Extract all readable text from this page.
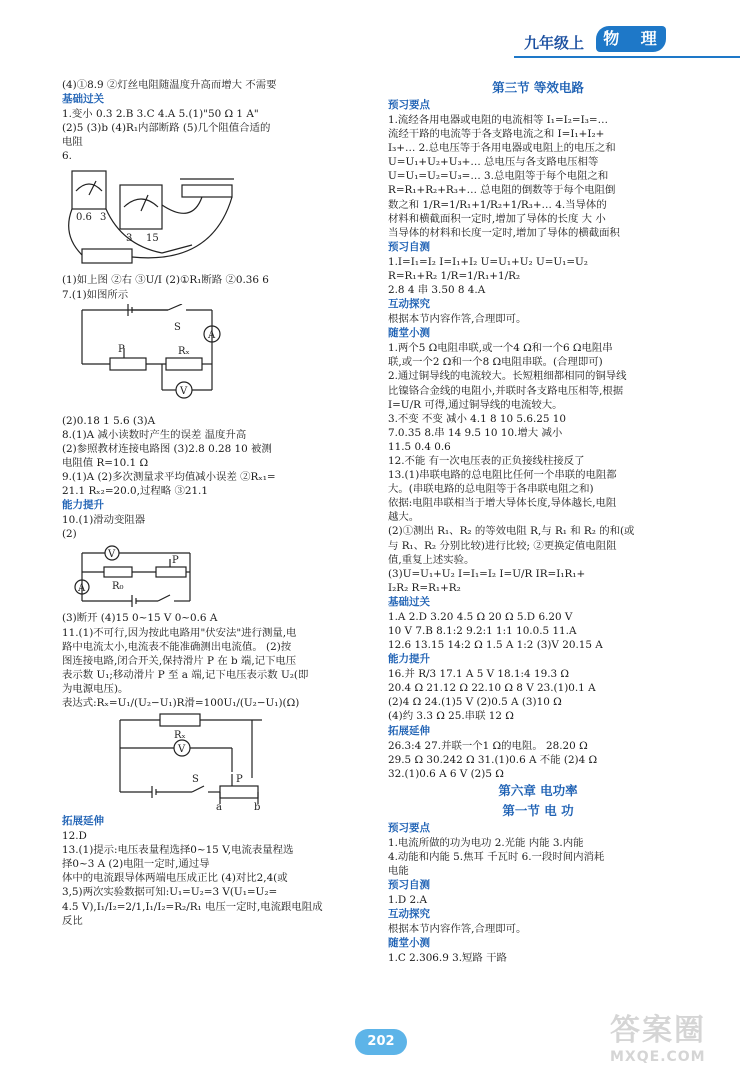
九年级上	物 理
(4)①8.9 ②灯丝电阻随温度升高而增大 不需要
基础过关
1.变小 0.3 2.B 3.C 4.A 5.(1)"50 Ω 1 A"
(2)5 (3)b (4)R₁内部断路 (5)几个阻值合适的
电阻
6.
0.6 3
3 15
(1)如上图 ②右 ③U/I (2)①R₁断路 ②0.36 6
7.(1)如图所示
S
A
P	Rₓ
V
(2)0.18 1 5.6 (3)A
8.(1)A 减小读数时产生的误差 温度升高
(2)参照教材连接电路图 (3)2.8 0.28 10 被测
电阻值 R=10.1 Ω
9.(1)A (2)多次测量求平均值减小误差 ②Rₓ₁=
21.1 Rₓ₂=20.0,过程略 ③21.1
能力提升
10.(1)滑动变阻器
(2)
V
R₀
P
A
(3)断开 (4)15 0~15 V 0~0.6 A
11.(1)不可行,因为按此电路用"伏安法"进行测量,电
路中电流太小,电流表不能准确测出电流值。 (2)按
图连接电路,闭合开关,保持滑片 P 在 b 端,记下电压
表示数 U₁;移动滑片 P 至 a 端,记下电压表示数 U₂(即
为电源电压)。
表达式:Rₓ=U₁/(U₂−U₁)R滑=100U₁/(U₂−U₁)(Ω)
Rₓ
V
S	P
a	b
拓展延伸
12.D
13.(1)提示:电压表量程选择0~15 V,电流表量程选
择0~3 A (2)电阻一定时,通过导
体中的电流跟导体两端电压成正比 (4)对比2,4(或
3,5)两次实验数据可知:U₁=U₂=3 V(U₁=U₂=
4.5 V),I₁/I₂=2/1,I₁/I₂=R₂/R₁ 电压一定时,电流跟电阻成
反比
第三节 等效电路
预习要点
1.流经各用电器或电阻的电流相等 I₁=I₂=I₃=…
流经干路的电流等于各支路电流之和 I=I₁+I₂+
I₃+… 2.总电压等于各用电器或电阻上的电压之和
U=U₁+U₂+U₃+… 总电压与各支路电压相等
U=U₁=U₂=U₃=… 3.总电阻等于每个电阻之和
R=R₁+R₂+R₃+… 总电阻的倒数等于每个电阻倒
数之和 1/R=1/R₁+1/R₂+1/R₃+… 4.当导体的
材料和横截面积一定时,增加了导体的长度 大 小
当导体的材料和长度一定时,增加了导体的横截面积
预习自测
1.I=I₁=I₂ I=I₁+I₂ U=U₁+U₂ U=U₁=U₂
R=R₁+R₂ 1/R=1/R₁+1/R₂
2.8 4 串 3.50 8 4.A
互动探究
根据本节内容作答,合理即可。
随堂小测
1.两个5 Ω电阻串联,或一个4 Ω和一个6 Ω电阻串
联,或一个2 Ω和一个8 Ω电阻串联。(合理即可)
2.通过铜导线的电流较大。长短粗细都相同的铜导线
比镍铬合金线的电阻小,并联时各支路电压相等,根据
I=U/R 可得,通过铜导线的电流较大。
3.不变 不变 减小 4.1 8 10 5.6.25 10
7.0.35 8.串 14 9.5 10 10.增大 减小
11.5 0.4 0.6
12.不能 有一次电压表的正负接线柱接反了
13.(1)串联电路的总电阻比任何一个串联的电阻都
大。(串联电路的总电阻等于各串联电阻之和)
依据:电阻串联相当于增大导体长度,导体越长,电阻
越大。
(2)①测出 R₁、R₂ 的等效电阻 R,与 R₁ 和 R₂ 的和(或
与 R₁、R₂ 分别比较)进行比较; ②更换定值电阻阻
值,重复上述实验。
(3)U=U₁+U₂ I=I₁=I₂ I=U/R IR=I₁R₁+
I₂R₂ R=R₁+R₂
基础过关
1.A 2.D 3.20 4.5 Ω 20 Ω 5.D 6.20 V
10 V 7.B 8.1:2 9.2:1 1:1 10.0.5 11.A
12.6 13.15 14:2 Ω 1.5 A 1:2 (3)V 20.15 A
能力提升
16.并 R/3 17.1 A 5 V 18.1:4 19.3 Ω
20.4 Ω 21.12 Ω 22.10 Ω 8 V 23.(1)0.1 A
(2)4 Ω 24.(1)5 V (2)0.5 A (3)10 Ω
(4)约 3.3 Ω 25.串联 12 Ω
拓展延伸
26.3:4 27.并联一个1 Ω的电阻。 28.20 Ω
29.5 Ω 30.242 Ω 31.(1)0.6 A 不能 (2)4 Ω
32.(1)0.6 A 6 V (2)5 Ω
第六章 电功率
第一节 电 功
预习要点
1.电流所做的功为电功 2.光能 内能 3.内能
4.动能和内能 5.焦耳 千瓦时 6.一段时间内消耗
电能
预习自测
1.D 2.A
互动探究
根据本节内容作答,合理即可。
随堂小测
1.C 2.306.9 3.短路 干路
202	答案圈
MXQE.COM
